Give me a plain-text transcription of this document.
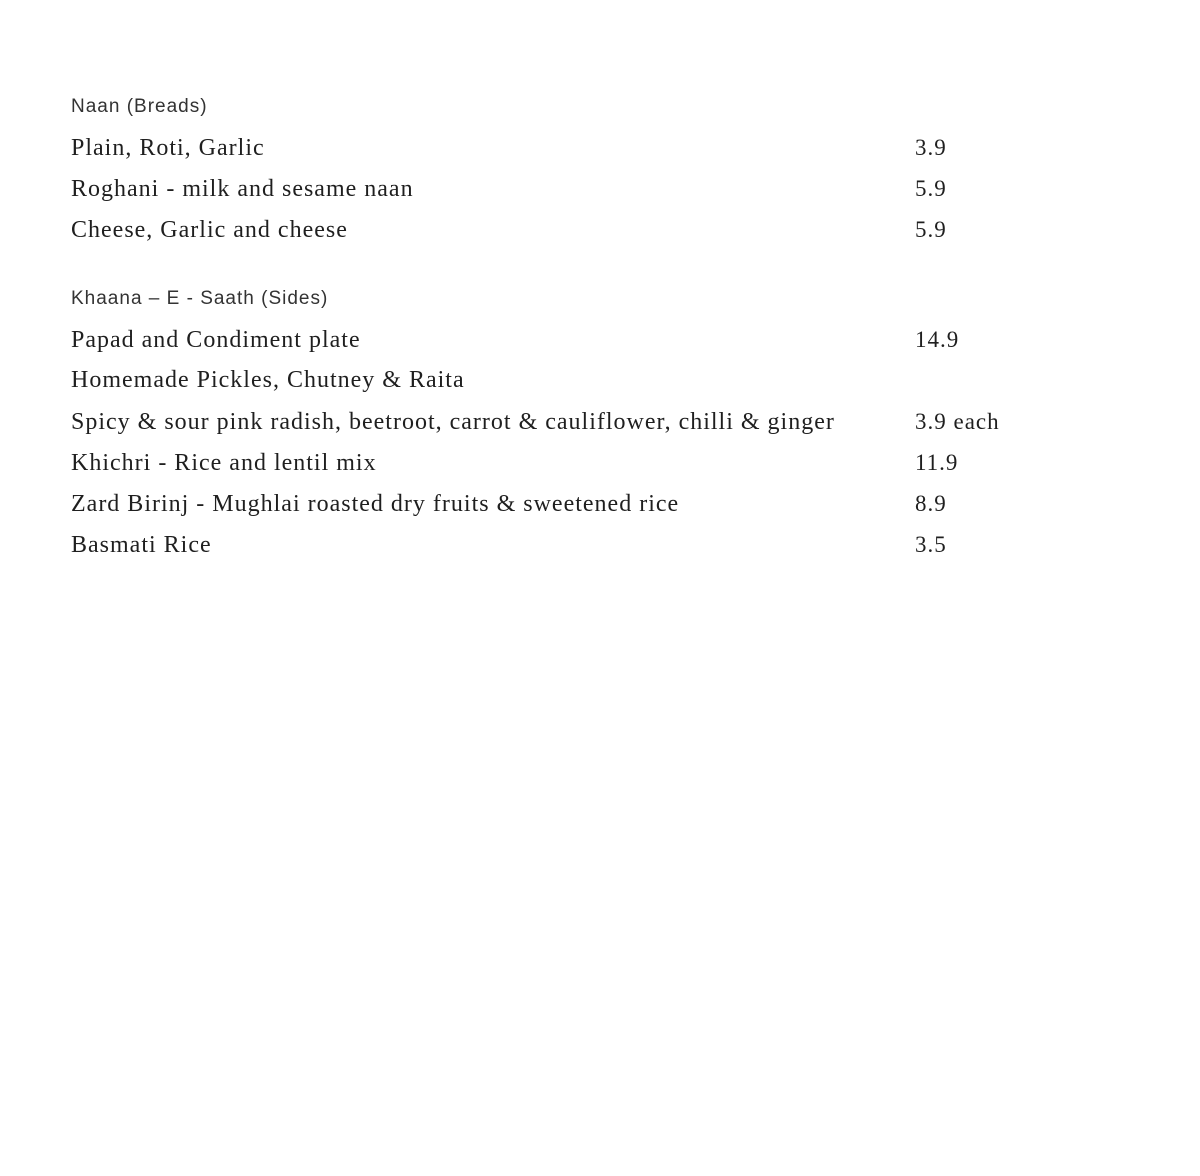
Naan (Breads)
Plain, Roti, Garlic	3.9
Roghani - milk and sesame naan	5.9
Cheese, Garlic and cheese	5.9
Khaana – E - Saath (Sides)
Papad and Condiment plate	14.9
Homemade Pickles, Chutney & Raita
Spicy & sour pink radish, beetroot, carrot & cauliflower, chilli & ginger	3.9 each
Khichri - Rice and lentil mix	11.9
Zard Birinj - Mughlai roasted dry fruits & sweetened rice	8.9
Basmati Rice	3.5
